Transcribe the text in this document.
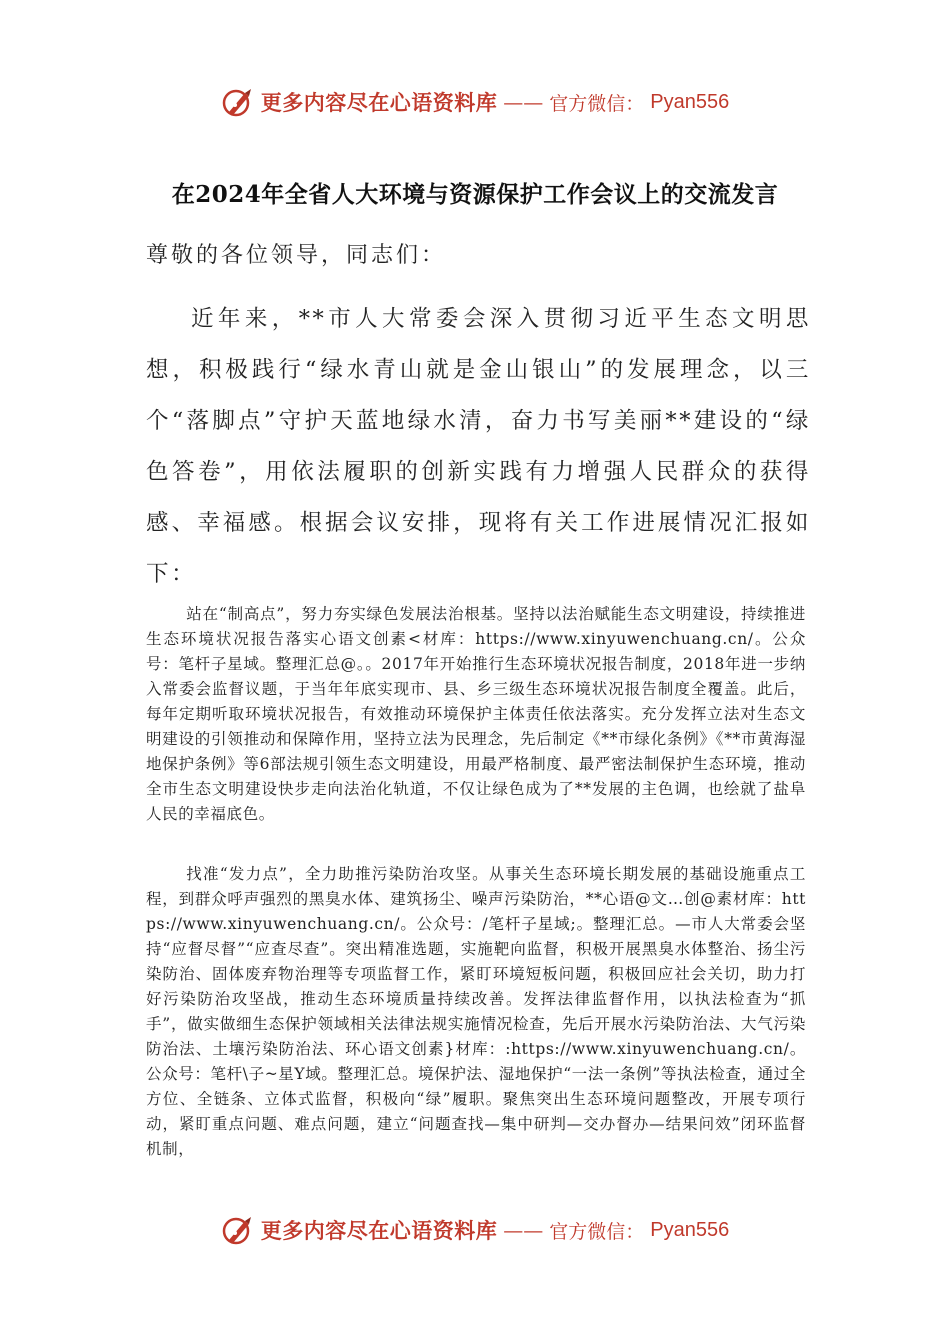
更多内容尽在心语资料库 —— 官方微信： Pyan556
在2024年全省人大环境与资源保护工作会议上的交流发言
尊敬的各位领导，同志们：

近年来，**市人大常委会深入贯彻习近平生态文明思想，积极践行“绿水青山就是金山银山”的发展理念，以三个“落脚点”守护天蓝地绿水清，奋力书写美丽**建设的“绿色答卷”，用依法履职的创新实践有力增强人民群众的获得感、幸福感。根据会议安排，现将有关工作进展情况汇报如下：

站在“制高点”，努力夯实绿色发展法治根基。坚持以法治赋能生态文明建设，持续推进生态环境状况报告落实心语文创素<材库：https://www.xinyuwenchuang.cn/。公众号：笔杆子星域。整理汇总@。。2017年开始推行生态环境状况报告制度，2018年进一步纳入常委会监督议题，于当年年底实现市、县、乡三级生态环境状况报告制度全覆盖。此后，每年定期听取环境状况报告，有效推动环境保护主体责任依法落实。充分发挥立法对生态文明建设的引领推动和保障作用，坚持立法为民理念，先后制定《**市绿化条例》《**市黄海湿地保护条例》等6部法规引领生态文明建设，用最严格制度、最严密法制保护生态环境，推动全市生态文明建设快步走向法治化轨道，不仅让绿色成为了**发展的主色调，也绘就了盐阜人民的幸福底色。

找准“发力点”，全力助推污染防治攻坚。从事关生态环境长期发展的基础设施重点工程，到群众呼声强烈的黑臭水体、建筑扬尘、噪声污染防治，**心语@文…创@素材库：https://www.xinyuwenchuang.cn/。公众号：/笔杆子星域;。整理汇总。—市人大常委会坚持“应督尽督”“应查尽查”。突出精准选题，实施靶向监督，积极开展黑臭水体整治、扬尘污染防治、固体废弃物治理等专项监督工作，紧盯环境短板问题，积极回应社会关切，助力打好污染防治攻坚战，推动生态环境质量持续改善。发挥法律监督作用，以执法检查为“抓手”，做实做细生态保护领域相关法律法规实施情况检查，先后开展水污染防治法、大气污染防治法、土壤污染防治法、环心语文创素}材库：:https://www.xinyuwenchuang.cn/。公众号：笔杆\子~星Y域。整理汇总。境保护法、湿地保护“一法一条例”等执法检查，通过全方位、全链条、立体式监督，积极向“绿”履职。聚焦突出生态环境问题整改，开展专项行动，紧盯重点问题、难点问题，建立“问题查找—集中研判—交办督办—结果问效”闭环监督机制，

更多内容尽在心语资料库 —— 官方微信： Pyan556
